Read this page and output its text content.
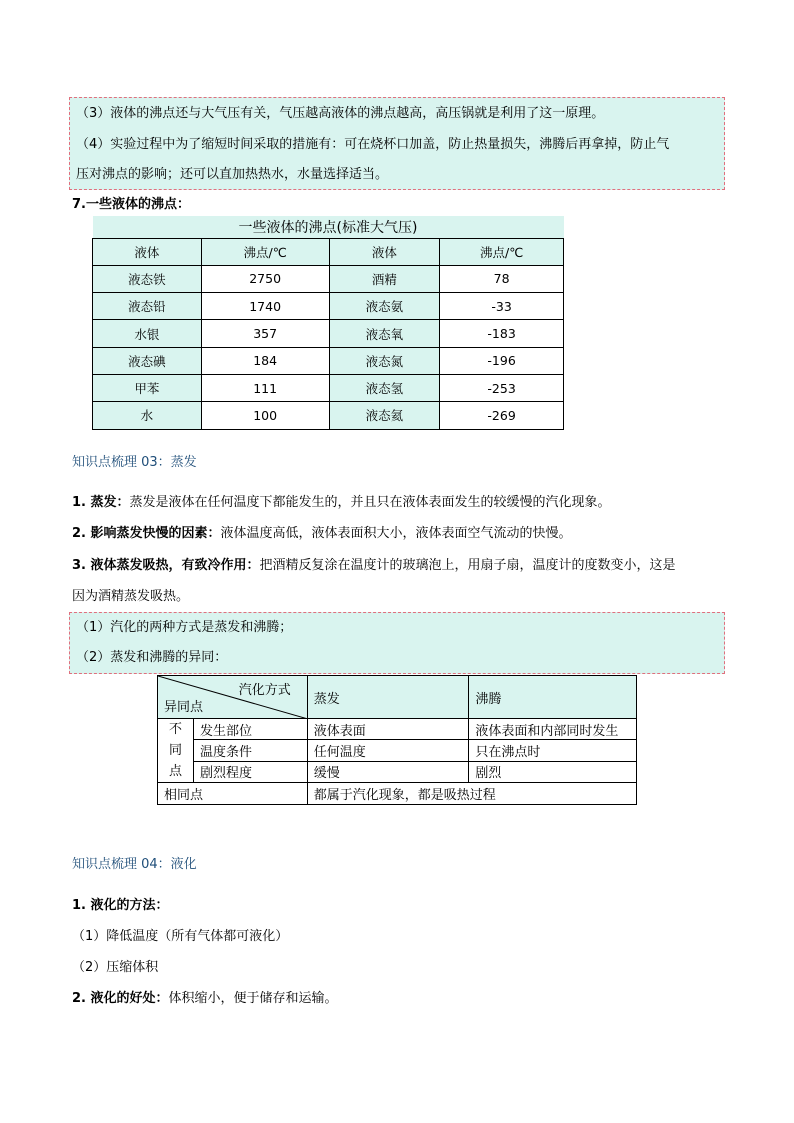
（3）液体的沸点还与大气压有关，气压越高液体的沸点越高，高压锅就是利用了这一原理。

（4）实验过程中为了缩短时间采取的措施有：可在烧杯口加盖，防止热量损失，沸腾后再拿掉，防止气

压对沸点的影响；还可以直加热热水，水量选择适当。

7.一些液体的沸点：
一些液体的沸点(标准大气压)			
液体	沸点/℃	液体	沸点/℃
液态铁	2750	酒精	78
液态铅	1740	液态氨	-33
水银	357	液态氧	-183
液态碘	184	液态氮	-196
甲苯	111	液态氢	-253
水	100	液态氦	-269
知识点梳理 03：蒸发
1. 蒸发：蒸发是液体在任何温度下都能发生的，并且只在液体表面发生的较缓慢的汽化现象。
2. 影响蒸发快慢的因素：液体温度高低，液体表面积大小，液体表面空气流动的快慢。
3. 液体蒸发吸热，有致冷作用：把酒精反复涂在温度计的玻璃泡上，用扇子扇，温度计的度数变小，这是
因为酒精蒸发吸热。

（1）汽化的两种方式是蒸发和沸腾；

（2）蒸发和沸腾的异同：

汽化方式
异同点		蒸发	沸腾

不
同
点	发生部位	液体表面	液体表面和内部同时发生
	温度条件	任何温度	只在沸点时
	剧烈程度	缓慢	剧烈
相同点		都属于汽化现象，都是吸热过程	
知识点梳理 04：液化
1. 液化的方法：
（1）降低温度（所有气体都可液化）
（2）压缩体积
2. 液化的好处：体积缩小，便于储存和运输。
